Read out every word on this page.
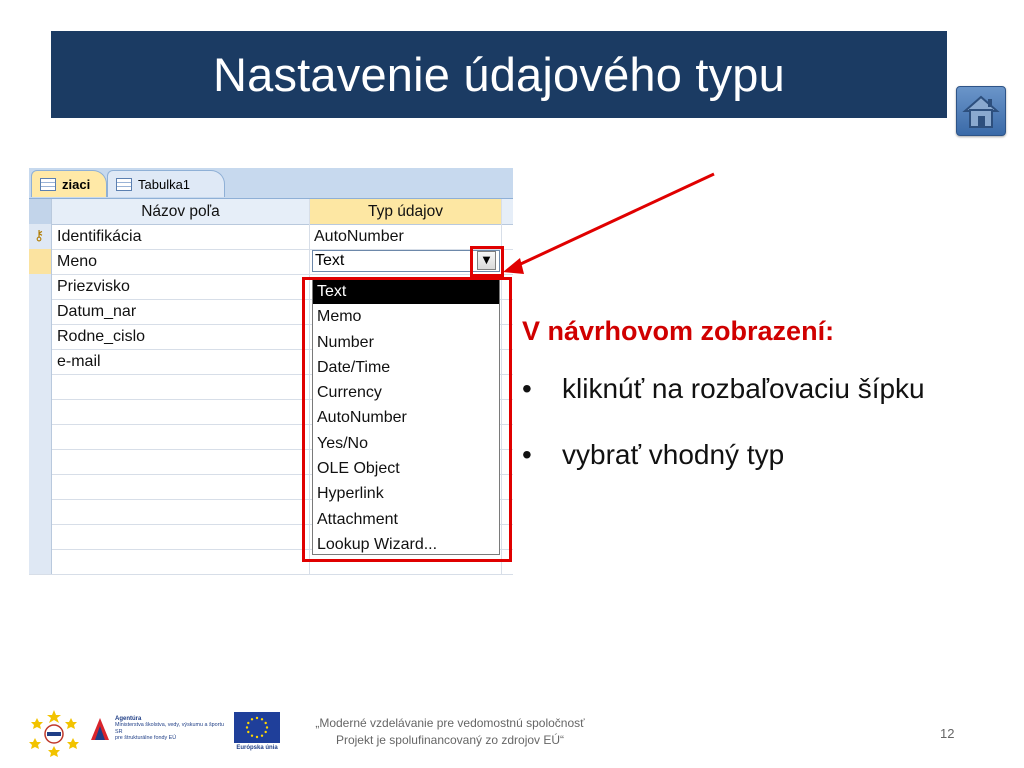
Nastavenie údajového typu
ziaci	Tabulka1
Názov poľa	Typ údajov
⚷ Identifikácia	AutoNumber
Meno	Text	▼
Priezvisko
Datum_nar
Rodne_cislo
e-mail
Text
Memo
Number
Date/Time
Currency
AutoNumber
Yes/No
OLE Object
Hyperlink
Attachment
Lookup Wizard...
V návrhovom zobrazení:
• kliknúť na rozbaľovaciu šípku
• vybrať vhodný typ
Agentúra
Ministerstva školstva, vedy, výskumu a športu SR
pre štrukturálne fondy EÚ
Európska únia
„Moderné vzdelávanie pre vedomostnú spoločnosť
Projekt je spolufinancovaný zo zdrojov EÚ“	12
